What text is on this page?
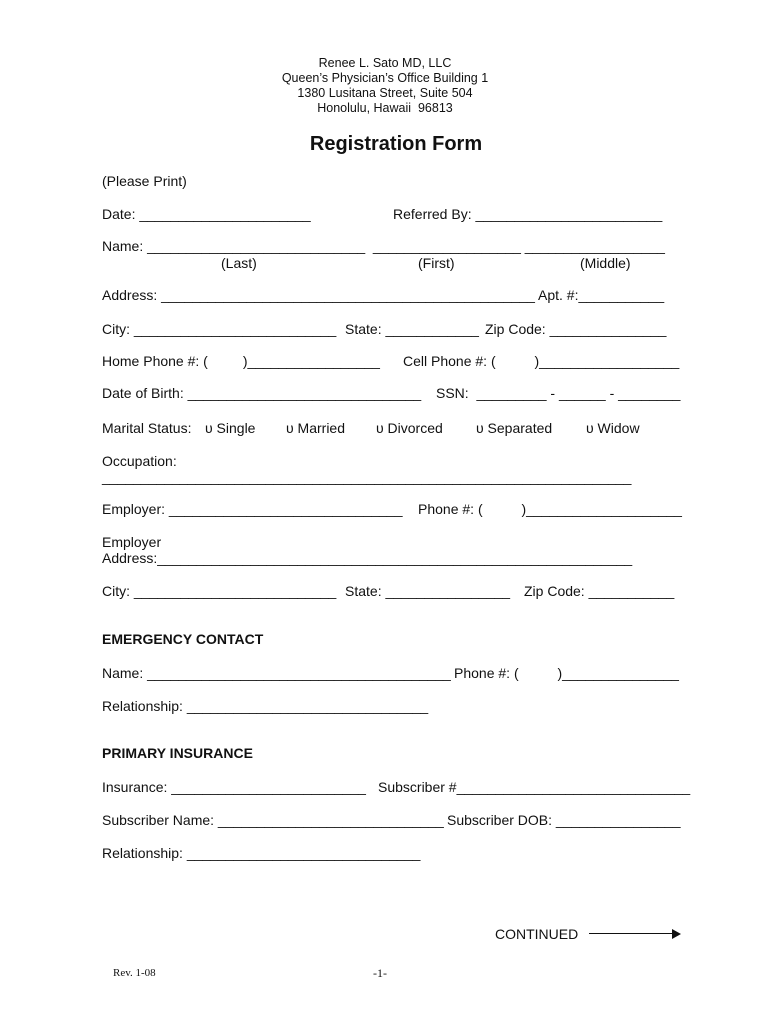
Renee L. Sato MD, LLC
Queen’s Physician’s Office Building 1
1380 Lusitana Street, Suite 504
Honolulu, Hawaii  96813
Registration Form
(Please Print)
Date: ______________________	Referred By: ________________________
Name: ____________________________  ___________________ __________________
(Last)	(First)	(Middle)
Address: ________________________________________________ Apt. #:___________
City: __________________________ State: ____________ Zip Code: _______________
Home Phone #: (         )_________________ Cell Phone #: (          )__________________
Date of Birth: ______________________________ SSN:  _________ - ______ - ________
Marital Status: υ Single υ Married υ Divorced υ Separated υ Widow
Occupation:
____________________________________________________________________
Employer: ______________________________ Phone #: (          )____________________
Employer
Address:_____________________________________________________________
City: __________________________ State: ________________ Zip Code: ___________
EMERGENCY CONTACT
Name: _______________________________________ Phone #: (          )_______________
Relationship: _______________________________
PRIMARY INSURANCE
Insurance: _________________________ Subscriber #______________________________
Subscriber Name: _____________________________ Subscriber DOB: ________________
Relationship: ______________________________
CONTINUED
Rev. 1-08	-1-
